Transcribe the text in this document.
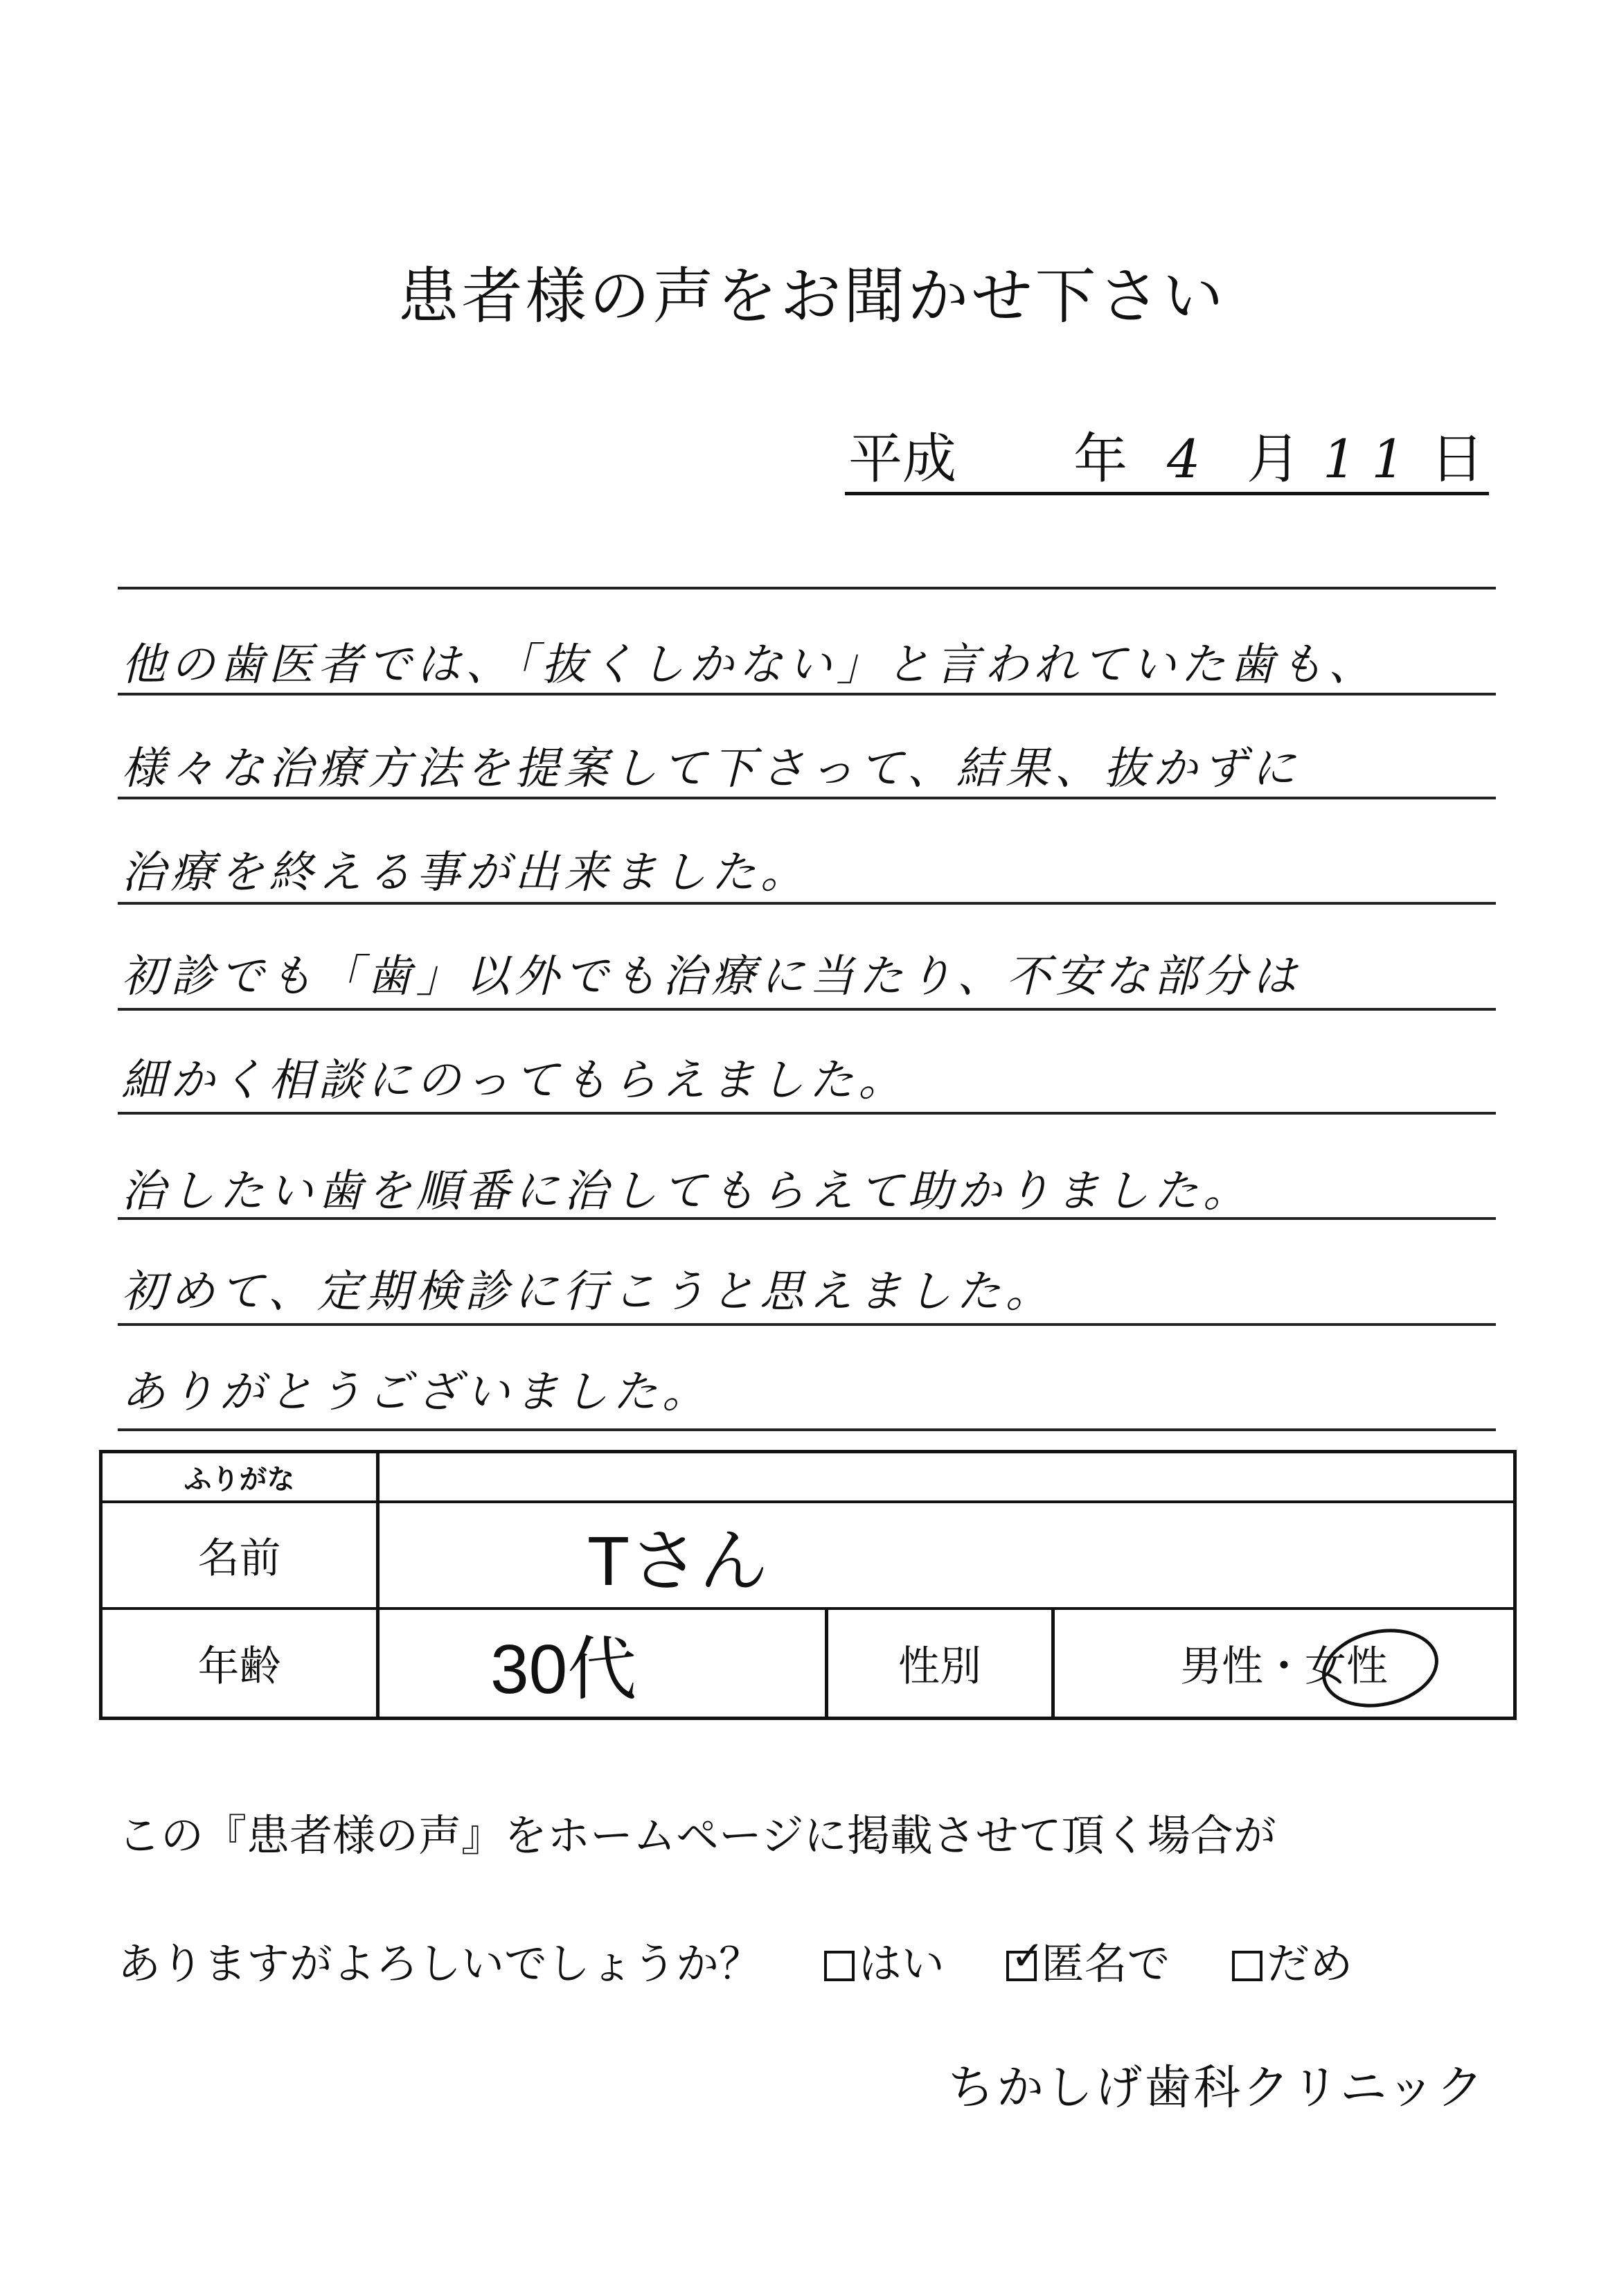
患者様の声をお聞かせ下さい
平成 年 4 月 11 日
他の歯医者では、「抜くしかない」と言われていた歯も、
様々な治療方法を提案して下さって、結果、抜かずに
治療を終える事が出来ました。
初診でも「歯」以外でも治療に当たり、不安な部分は
細かく相談にのってもらえました。
治したい歯を順番に治してもらえて助かりました。
初めて、定期検診に行こうと思えました。
ありがとうございました。
ふりがな
名前	Tさん
年齢	30代	性別	男性・女性
この『患者様の声』をホームページに掲載させて頂く場合が
ありますがよろしいでしょうか？ はい ✓ 匿名で だめ
ちかしげ歯科クリニック
